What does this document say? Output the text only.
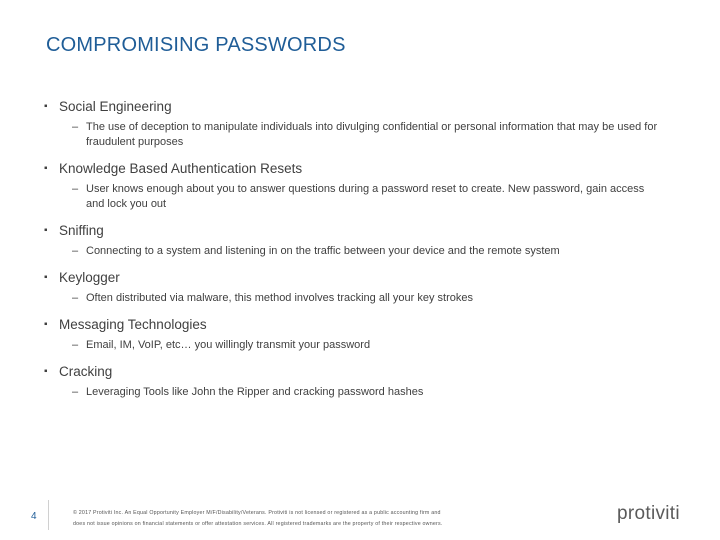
COMPROMISING PASSWORDS
▪ Social Engineering
– The use of deception to manipulate individuals into divulging confidential or personal information that may be used for fraudulent purposes
▪ Knowledge Based Authentication Resets
– User knows enough about you to answer questions during a password reset to create. New password, gain access and lock you out
▪ Sniffing
– Connecting to a system and listening in on the traffic between your device and the remote system
▪ Keylogger
– Often distributed via malware, this method involves tracking all your key strokes
▪ Messaging Technologies
– Email, IM, VoIP, etc… you willingly transmit your password
▪ Cracking
– Leveraging Tools like John the Ripper and cracking password hashes
4	© 2017 Protiviti Inc. An Equal Opportunity Employer M/F/Disability/Veterans. Protiviti is not licensed or registered as a public accounting firm and
does not issue opinions on financial statements or offer attestation services. All registered trademarks are the property of their respective owners.	protiviti
